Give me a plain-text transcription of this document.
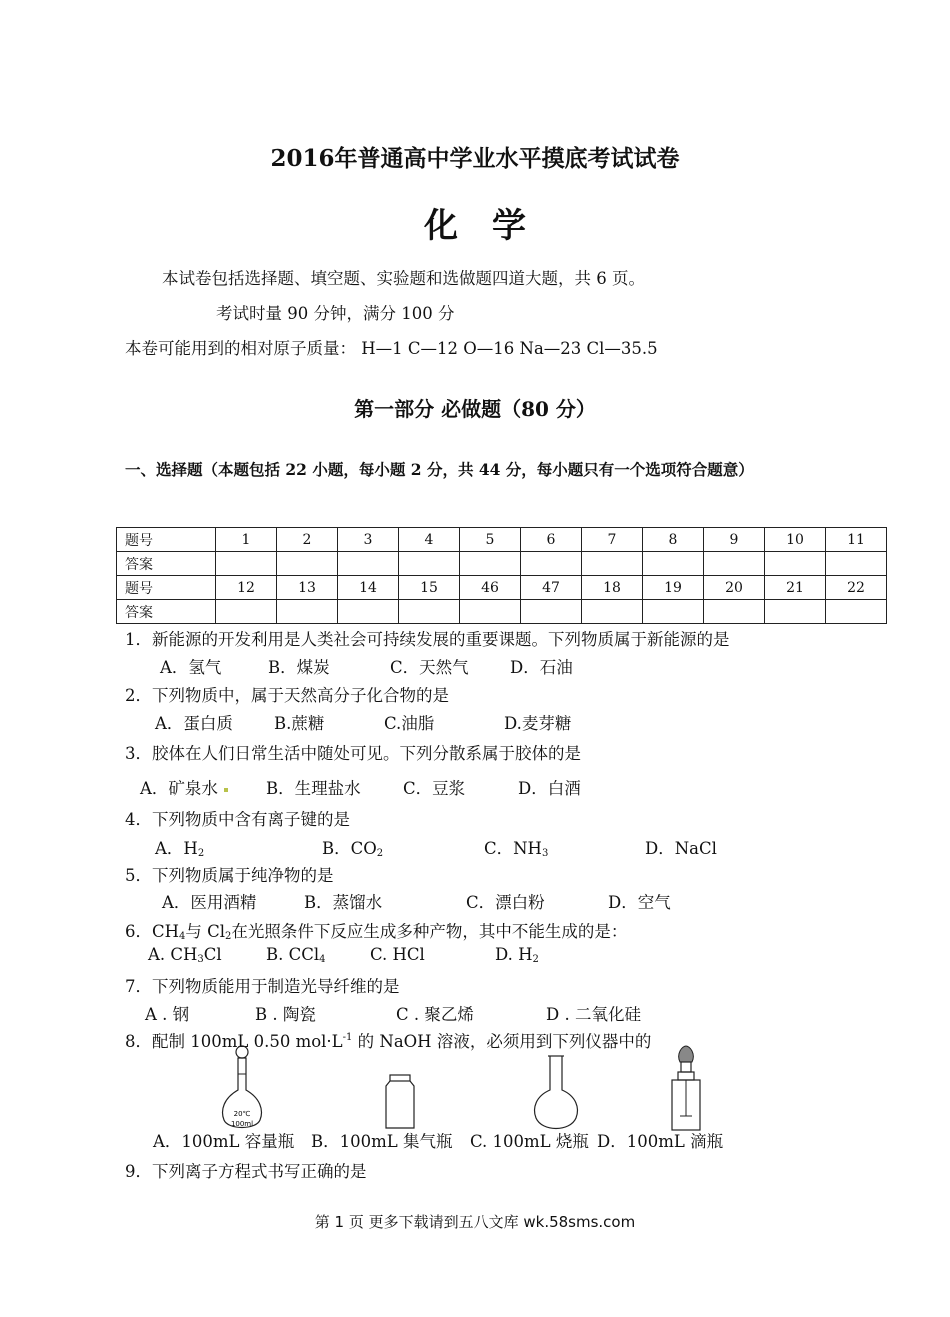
2016年普通高中学业水平摸底考试试卷
化　学
本试卷包括选择题、填空题、实验题和选做题四道大题，共 6 页。
考试时量 90 分钟，满分 100 分
本卷可能用到的相对原子质量： H—1 C—12 O—16 Na—23 Cl—35.5
第一部分 必做题（80 分）
一、选择题（本题包括 22 小题，每小题 2 分，共 44 分，每小题只有一个选项符合题意）
题号	1	2	3	4	5	6	7	8	9	10	11
答案											
题号	12	13	14	15	46	47	18	19	20	21	22
答案											
1．新能源的开发利用是人类社会可持续发展的重要课题。下列物质属于新能源的是
A．氢气	B．煤炭	C．天然气	D．石油
2．下列物质中，属于天然高分子化合物的是
A．蛋白质 B.蔗糖	C.油脂	D.麦芽糖
3．胶体在人们日常生活中随处可见。下列分散系属于胶体的是
A．矿泉水	B．生理盐水	C．豆浆	D．白酒
4．下列物质中含有离子键的是
A．$H_2$	B．$CO_2$	C．$NH_3$	D．NaCl
5．下列物质属于纯净物的是
A．医用酒精	B．蒸馏水	C．漂白粉	D．空气
6．$CH_4$与 $Cl_2$在光照条件下反应生成多种产物，其中不能生成的是：
A. $CH_3Cl$	B. CCl$_4$	C. HCl	D. $H_2$
7．下列物质能用于制造光导纤维的是
A . 钢	B . 陶瓷	C . 聚乙烯	D . 二氧化硅
8．配制 100mL 0.50 $mol\cdot L^{-1}$ 的 NaOH 溶液，必须用到下列仪器中的
20℃
100ml
A．100mL 容量瓶 B．100mL 集气瓶 C. 100mL 烧瓶 D．100mL 滴瓶
9．下列离子方程式书写正确的是
第 1 页 更多下载请到五八文库 wk.58sms.com
